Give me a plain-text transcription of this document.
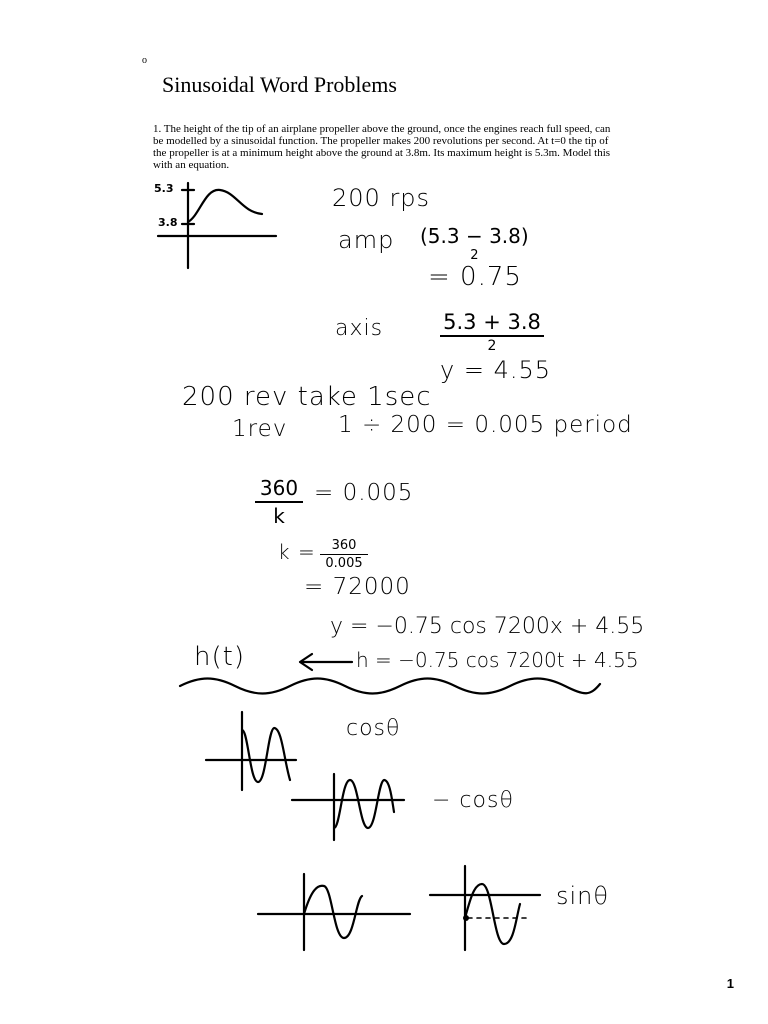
o
Sinusoidal Word Problems
1. The height of the tip of an airplane propeller above the ground, once the engines reach full speed, can be modelled by a sinusoidal function. The propeller makes 200 revolutions per second. At t=0 the tip of the propeller is at a minimum height above the ground at 3.8m. Its maximum height is 5.3m. Model this with an equation.
5.3
3.8
200 rps
amp (5.3 − 3.8)
2
= 0.75
axis	5.3 + 3.8
2
y = 4.55
200 rev take 1sec
1rev 1 ÷ 200 = 0.005 period
360
k
= 0.005
k =	360
0.005
= 72000
y = −0.75 cos 7200x + 4.55
h(t)	h = −0.75 cos 7200t + 4.55
cosθ
− cosθ
sinθ
1
